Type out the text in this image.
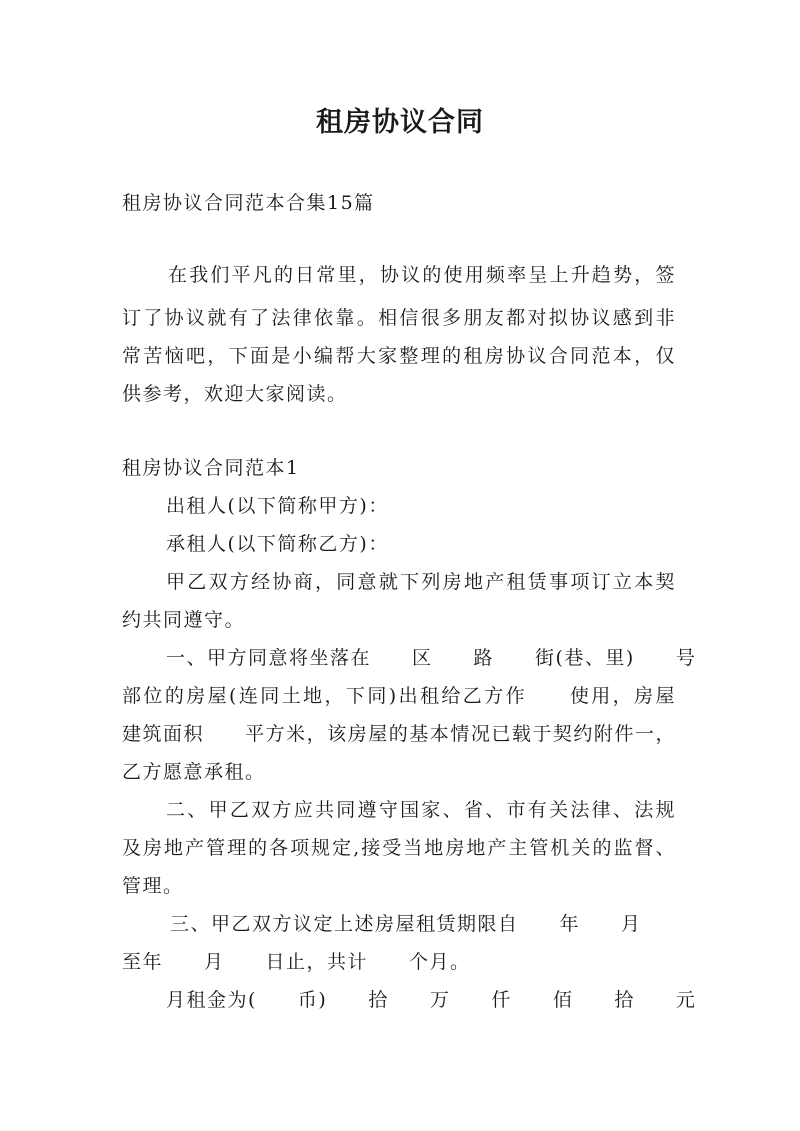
租房协议合同
租房协议合同范本合集15篇
在我们平凡的日常里，协议的使用频率呈上升趋势，签
订了协议就有了法律依靠。相信很多朋友都对拟协议感到非
常苦恼吧，下面是小编帮大家整理的租房协议合同范本，仅
供参考，欢迎大家阅读。
租房协议合同范本1
出租人(以下简称甲方)：
承租人(以下简称乙方)：
甲乙双方经协商，同意就下列房地产租赁事项订立本契
约共同遵守。
一、甲方同意将坐落在　　区　　路　　街(巷、里)　　号
部位的房屋(连同土地，下同)出租给乙方作　　使用，房屋
建筑面积　　平方米，该房屋的基本情况已载于契约附件一，
乙方愿意承租。
二、甲乙双方应共同遵守国家、省、市有关法律、法规
及房地产管理的各项规定,接受当地房地产主管机关的监督、
管理。
三、甲乙双方议定上述房屋租赁期限自　　年　　月
至年　　月　　日止，共计　　个月。
月租金为(　　币)　　拾　　万　　仟　　佰　　拾　　元
